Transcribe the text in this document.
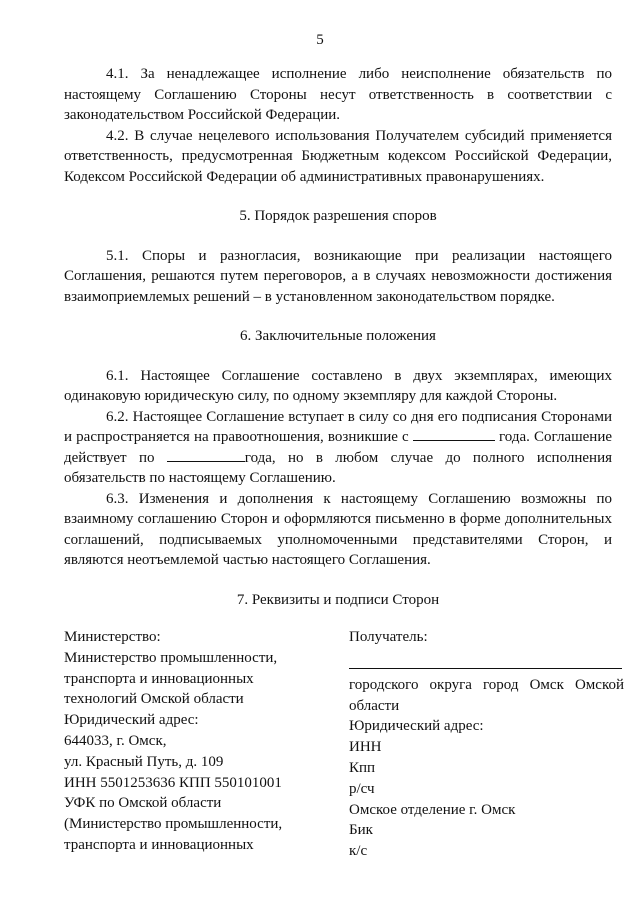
5

4.1. За ненадлежащее исполнение либо неисполнение обязательств по настоящему Соглашению Стороны несут ответственность в соответствии с законодательством Российской Федерации.

4.2. В случае нецелевого использования Получателем субсидий применяется ответственность, предусмотренная Бюджетным кодексом Российской Федерации, Кодексом Российской Федерации об административных правонарушениях.

5. Порядок разрешения споров

5.1. Споры и разногласия, возникающие при реализации настоящего Соглашения, решаются путем переговоров, а в случаях невозможности достижения взаимоприемлемых решений – в установленном законодательством порядке.

6. Заключительные положения

6.1. Настоящее Соглашение составлено в двух экземплярах, имеющих одинаковую юридическую силу, по одному экземпляру для каждой Стороны.

6.2. Настоящее Соглашение вступает в силу со дня его подписания Сторонами и распространяется на правоотношения, возникшие с	года. Соглашение действует по	года, но в любом случае до полного исполнения обязательств по настоящему Соглашению.

6.3. Изменения и дополнения к настоящему Соглашению возможны по взаимному соглашению Сторон и оформляются письменно в форме дополнительных соглашений, подписываемых уполномоченными представителями Сторон, и являются неотъемлемой частью настоящего Соглашения.

7. Реквизиты и подписи Сторон
Министерство:
Министерство промышленности,
транспорта и инновационных
технологий Омской области
Юридический адрес:
644033, г. Омск,
ул. Красный Путь, д. 109
ИНН 5501253636 КПП 550101001
УФК по Омской области
(Министерство промышленности,
транспорта и инновационных
Получатель:
городского округа город Омск Омской области
Юридический адрес:
ИНН
Кпп
р/сч
Омское отделение г. Омск
Бик
к/с
